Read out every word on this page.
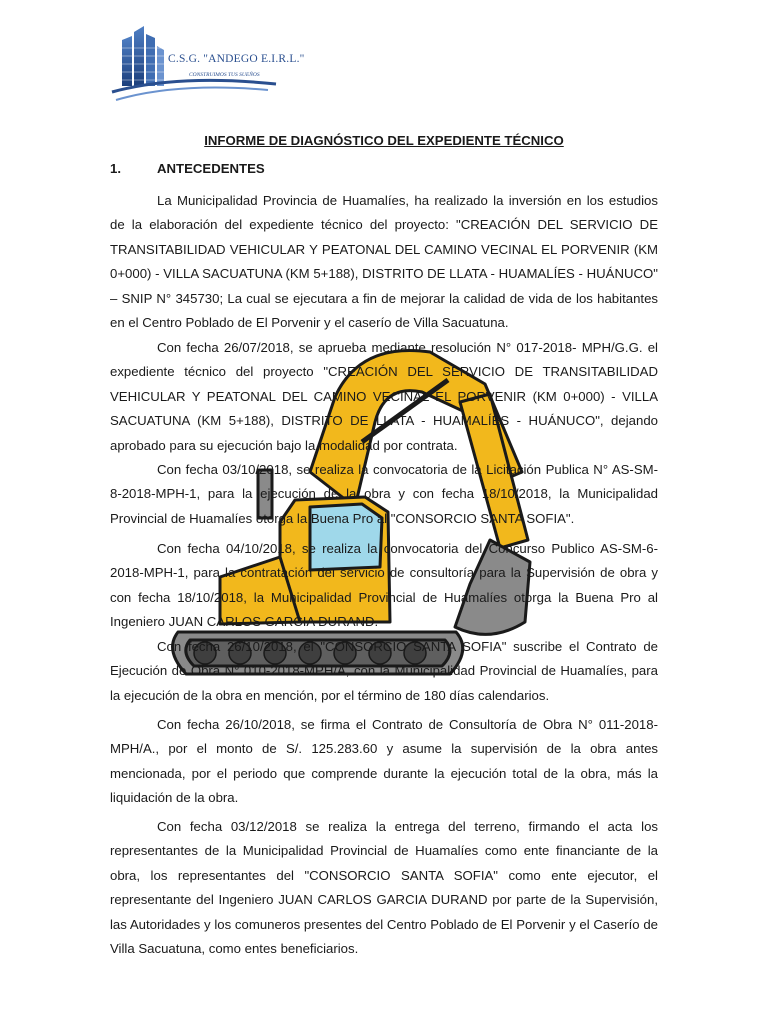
C.S.G. "ANDEGO E.I.R.L."
CONSTRUIMOS TUS SUEÑOS
INFORME DE DIAGNÓSTICO DEL EXPEDIENTE TÉCNICO
1.	ANTECEDENTES

La Municipalidad Provincia de Huamalíes, ha realizado la inversión en los estudios de la elaboración del expediente técnico del proyecto: "CREACIÓN DEL SERVICIO DE TRANSITABILIDAD VEHICULAR Y PEATONAL DEL CAMINO VECINAL EL PORVENIR (KM 0+000) - VILLA SACUATUNA (KM 5+188), DISTRITO DE LLATA - HUAMALÍES - HUÁNUCO" – SNIP N° 345730; La cual se ejecutara a fin de mejorar la calidad de vida de los habitantes en el Centro Poblado de El Porvenir y el caserío de Villa Sacuatuna.

Con fecha 26/07/2018, se aprueba mediante resolución N° 017-2018- MPH/G.G. el expediente técnico del proyecto "CREACIÓN DEL SERVICIO DE TRANSITABILIDAD VEHICULAR Y PEATONAL DEL CAMINO VECINAL EL PORVENIR (KM 0+000) - VILLA SACUATUNA (KM 5+188), DISTRITO DE LLATA - HUAMALÍES - HUÁNUCO", dejando aprobado para su ejecución bajo la modalidad por contrata.

Con fecha 03/10/2018, se realiza la convocatoria de la Licitación Publica N° AS-SM-8-2018-MPH-1, para la ejecución de la obra y con fecha 18/10/2018, la Municipalidad Provincial de Huamalíes otorga la Buena Pro al "CONSORCIO SANTA SOFIA".

Con fecha 04/10/2018, se realiza la convocatoria del Concurso Publico AS-SM-6-2018-MPH-1, para la contratación del servicio de consultoría para la Supervisión de obra y con fecha 18/10/2018, la Municipalidad Provincial de Huamalíes otorga la Buena Pro al Ingeniero JUAN CARLOS GARCIA DURAND.

Con fecha 26/10/2018, el "CONSORCIO SANTA SOFIA" suscribe el Contrato de Ejecución de Obra N° 010-2018-MPH/A, con la Municipalidad Provincial de Huamalíes, para la ejecución de la obra en mención, por el término de 180 días calendarios.

Con fecha 26/10/2018, se firma el Contrato de Consultoría de Obra N° 011-2018-MPH/A., por el monto de S/. 125.283.60 y asume la supervisión de la obra antes mencionada, por el periodo que comprende durante la ejecución total de la obra, más la liquidación de la obra.

Con fecha 03/12/2018 se realiza la entrega del terreno, firmando el acta los representantes de la Municipalidad Provincial de Huamalíes como ente financiante de la obra, los representantes del "CONSORCIO SANTA SOFIA" como ente ejecutor, el representante del Ingeniero JUAN CARLOS GARCIA DURAND por parte de la Supervisión, las Autoridades y los comuneros presentes del Centro Poblado de El Porvenir y el Caserío de Villa Sacuatuna, como entes beneficiarios.
